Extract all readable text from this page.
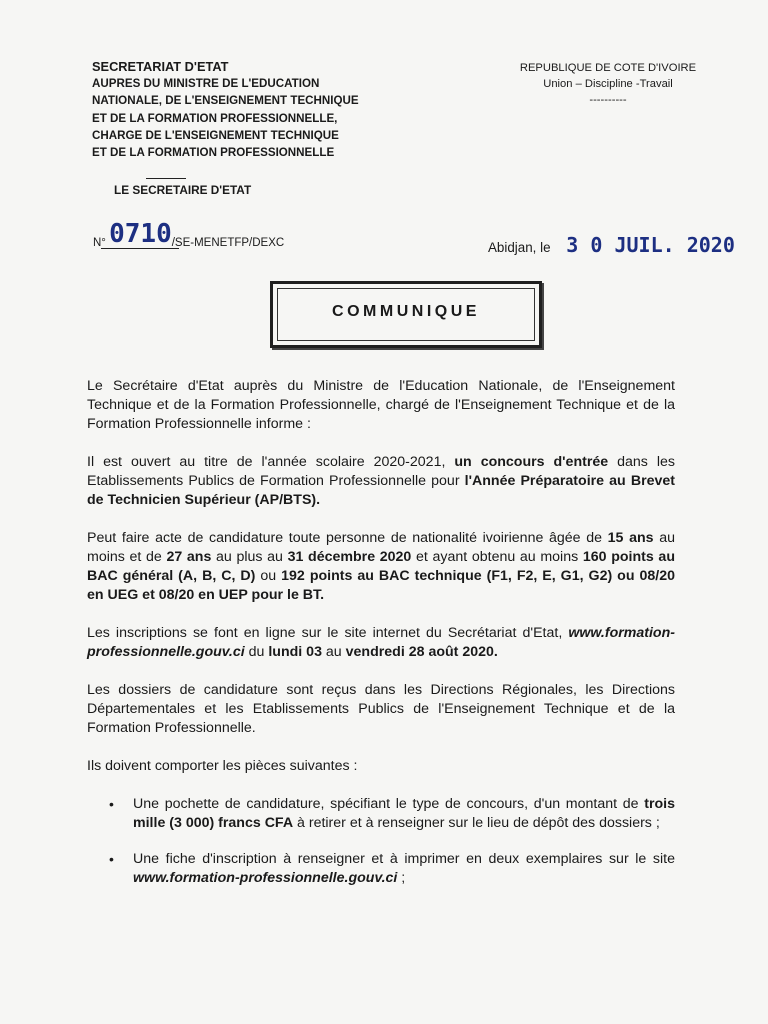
SECRETARIAT D'ETAT
AUPRES DU MINISTRE DE L'EDUCATION
NATIONALE, DE L'ENSEIGNEMENT TECHNIQUE
ET DE LA FORMATION PROFESSIONNELLE,
CHARGE DE L'ENSEIGNEMENT TECHNIQUE
ET DE LA FORMATION PROFESSIONNELLE
LE SECRETAIRE D'ETAT
REPUBLIQUE DE COTE D'IVOIRE
Union – Discipline -Travail
----------
N° 0710/SE-MENETFP/DEXC	Abidjan, le 3 0 JUIL. 2020
COMMUNIQUE

Le Secrétaire d'Etat auprès du Ministre de l'Education Nationale, de l'Enseignement Technique et de la Formation Professionnelle, chargé de l'Enseignement Technique et de la Formation Professionnelle informe :

Il est ouvert au titre de l'année scolaire 2020-2021, un concours d'entrée dans les Etablissements Publics de Formation Professionnelle pour l'Année Préparatoire au Brevet de Technicien Supérieur (AP/BTS).

Peut faire acte de candidature toute personne de nationalité ivoirienne âgée de 15 ans au moins et de 27 ans au plus au 31 décembre 2020 et ayant obtenu au moins 160 points au BAC général (A, B, C, D) ou 192 points au BAC technique (F1, F2, E, G1, G2) ou 08/20 en UEG et 08/20 en UEP pour le BT.

Les inscriptions se font en ligne sur le site internet du Secrétariat d'Etat, www.formation-professionnelle.gouv.ci du lundi 03 au vendredi 28 août 2020.

Les dossiers de candidature sont reçus dans les Directions Régionales, les Directions Départementales et les Etablissements Publics de l'Enseignement Technique et de la Formation Professionnelle.

Ils doivent comporter les pièces suivantes :

• Une pochette de candidature, spécifiant le type de concours, d'un montant de trois mille (3 000) francs CFA à retirer et à renseigner sur le lieu de dépôt des dossiers ;
• Une fiche d'inscription à renseigner et à imprimer en deux exemplaires sur le site www.formation-professionnelle.gouv.ci ;
